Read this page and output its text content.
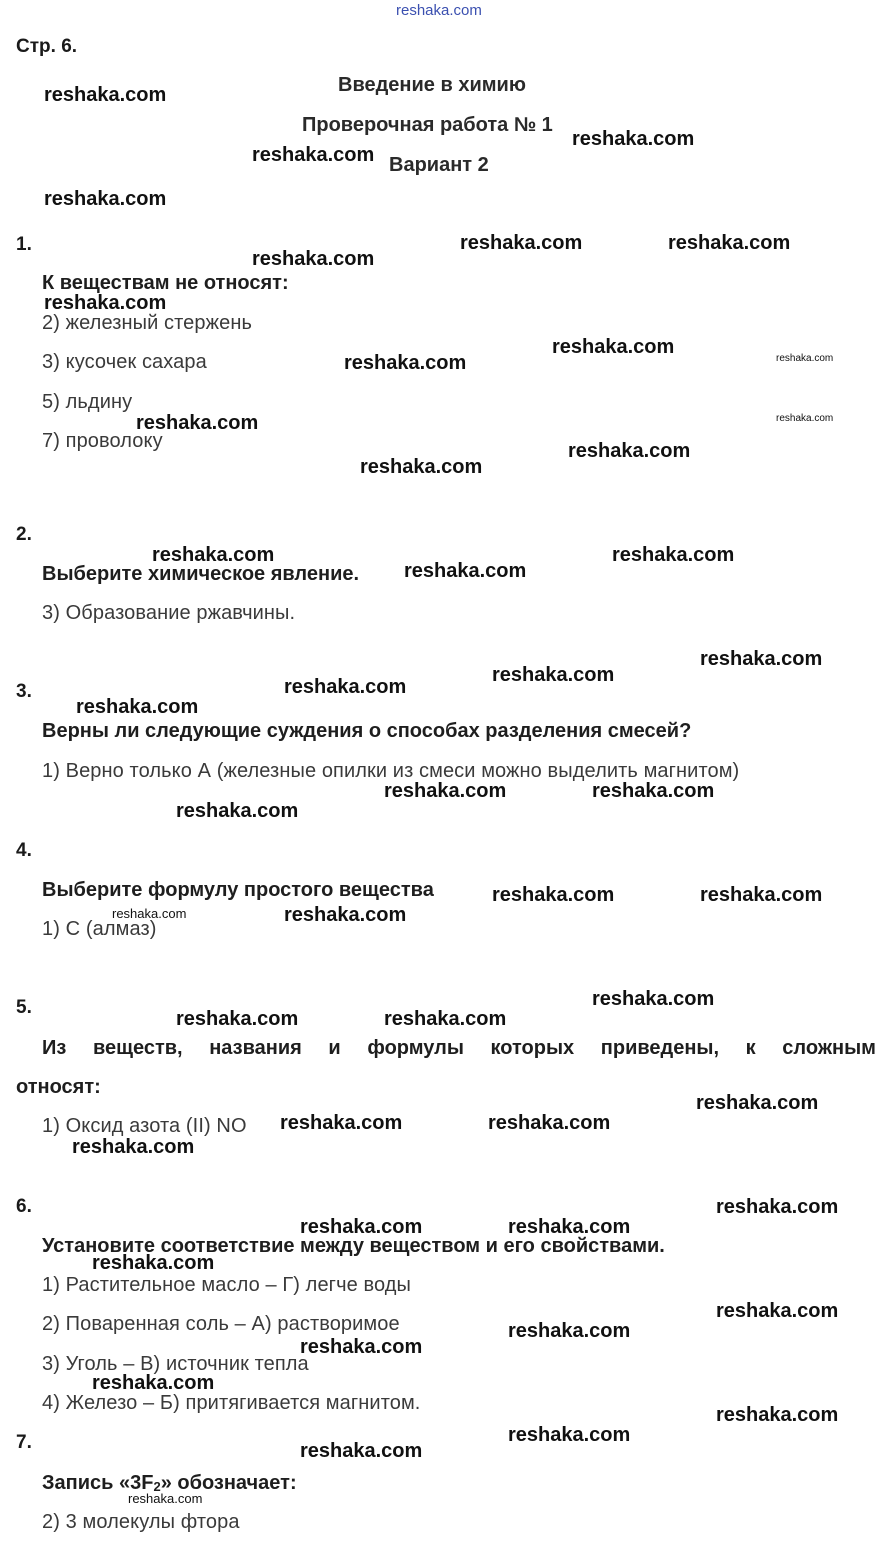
reshaka.com
Стр. 6.
Введение в химию
Проверочная работа № 1
Вариант 2
1.
К веществам не относят:
2) железный стержень
3) кусочек сахара
5) льдину
7) проволоку
2.
Выберите химическое явление.
3) Образование ржавчины.
3.
Верны ли следующие суждения о способах разделения смесей?
1) Верно только А (железные опилки из смеси можно выделить магнитом)
4.
Выберите формулу простого вещества
1) С (алмаз)
5.
Из веществ, названия и формулы которых приведены, к сложным
относят:
1) Оксид азота (II) NO
6.
Установите соответствие между веществом и его свойствами.
1) Растительное масло – Г) легче воды
2) Поваренная соль – А) растворимое
3) Уголь – В) источник тепла
4) Железо – Б) притягивается магнитом.
7.
Запись «$3F_2$» обозначает:
2) 3 молекулы фтора
reshaka.com
reshaka.com
reshaka.com
reshaka.com
reshaka.com	reshaka.com
reshaka.com
reshaka.com
reshaka.com
reshaka.com
reshaka.com
reshaka.com	reshaka.com
reshaka.com
reshaka.com
reshaka.com	reshaka.com
reshaka.com
reshaka.com
reshaka.com
reshaka.com
reshaka.com
reshaka.com	reshaka.com
reshaka.com
reshaka.com	reshaka.com
reshaka.com
reshaka.com
reshaka.com
reshaka.com	reshaka.com
reshaka.com
reshaka.com	reshaka.com
reshaka.com
reshaka.com
reshaka.com	reshaka.com
reshaka.com
reshaka.com
reshaka.com
reshaka.com
reshaka.com
reshaka.com
reshaka.com
reshaka.com
reshaka.com
